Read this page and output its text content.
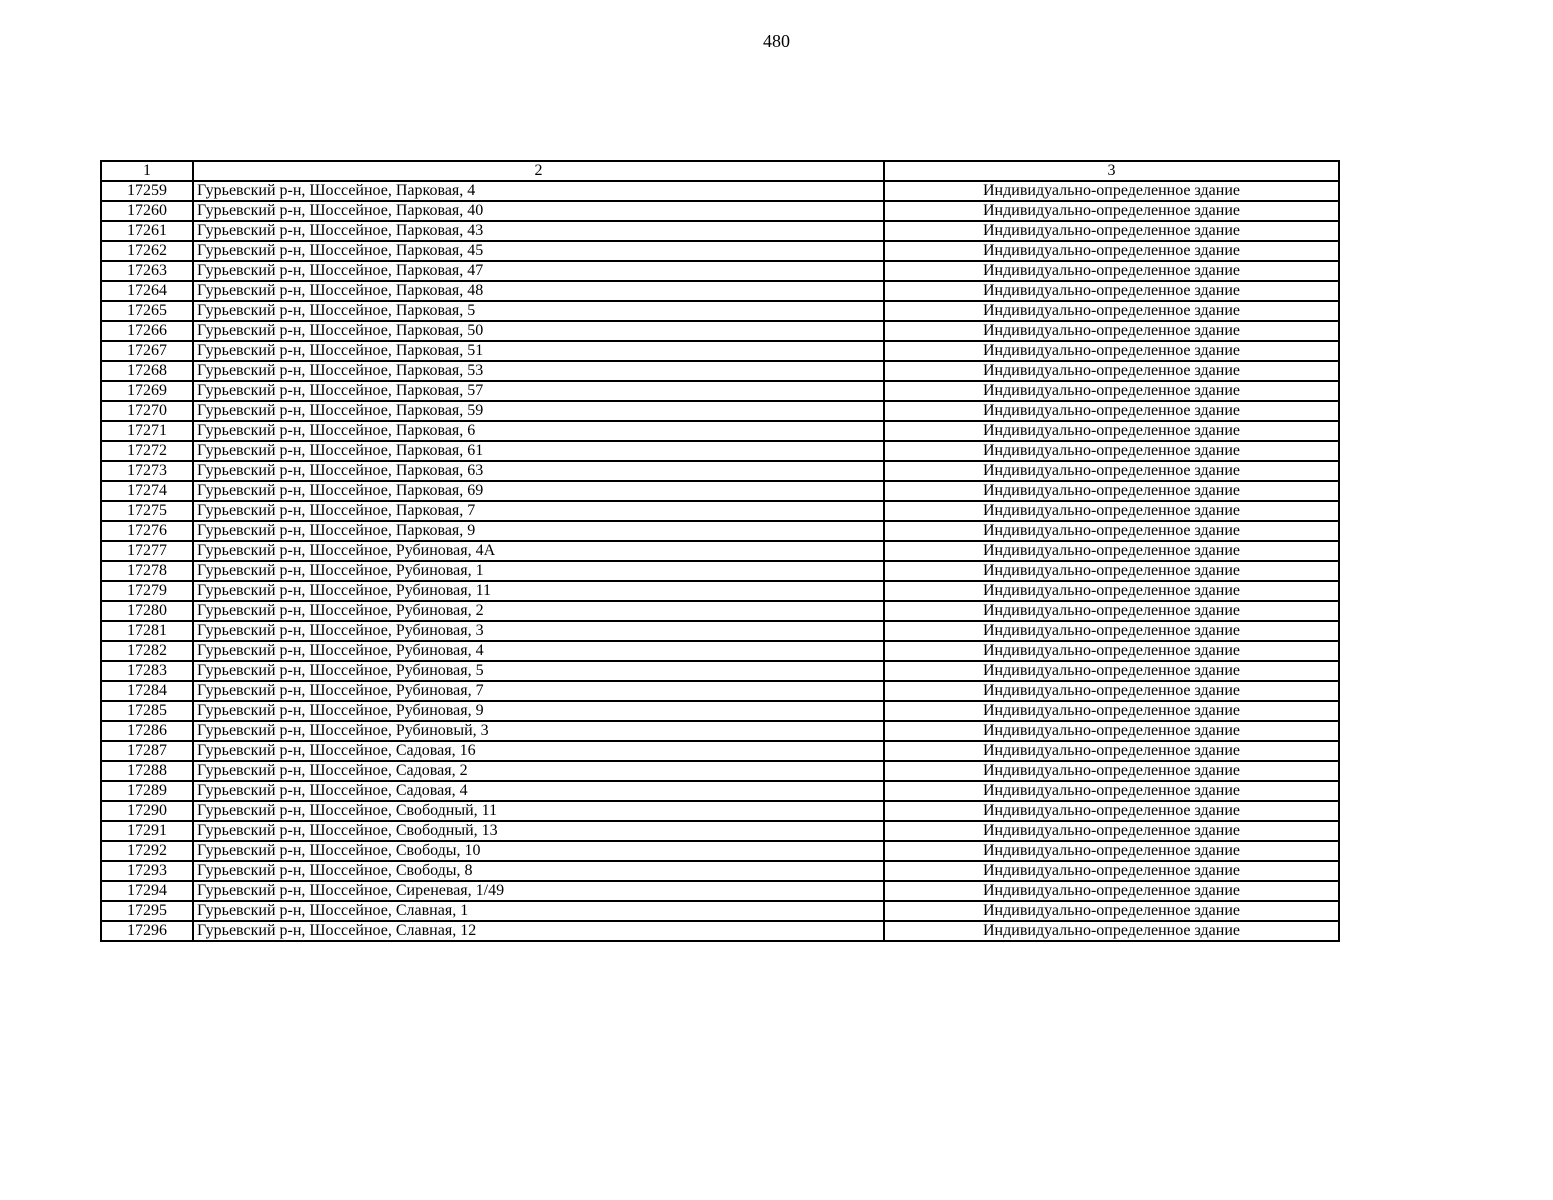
480
1	2	3
17259	Гурьевский р-н, Шоссейное, Парковая, 4	Индивидуально-определенное здание
17260	Гурьевский р-н, Шоссейное, Парковая, 40	Индивидуально-определенное здание
17261	Гурьевский р-н, Шоссейное, Парковая, 43	Индивидуально-определенное здание
17262	Гурьевский р-н, Шоссейное, Парковая, 45	Индивидуально-определенное здание
17263	Гурьевский р-н, Шоссейное, Парковая, 47	Индивидуально-определенное здание
17264	Гурьевский р-н, Шоссейное, Парковая, 48	Индивидуально-определенное здание
17265	Гурьевский р-н, Шоссейное, Парковая, 5	Индивидуально-определенное здание
17266	Гурьевский р-н, Шоссейное, Парковая, 50	Индивидуально-определенное здание
17267	Гурьевский р-н, Шоссейное, Парковая, 51	Индивидуально-определенное здание
17268	Гурьевский р-н, Шоссейное, Парковая, 53	Индивидуально-определенное здание
17269	Гурьевский р-н, Шоссейное, Парковая, 57	Индивидуально-определенное здание
17270	Гурьевский р-н, Шоссейное, Парковая, 59	Индивидуально-определенное здание
17271	Гурьевский р-н, Шоссейное, Парковая, 6	Индивидуально-определенное здание
17272	Гурьевский р-н, Шоссейное, Парковая, 61	Индивидуально-определенное здание
17273	Гурьевский р-н, Шоссейное, Парковая, 63	Индивидуально-определенное здание
17274	Гурьевский р-н, Шоссейное, Парковая, 69	Индивидуально-определенное здание
17275	Гурьевский р-н, Шоссейное, Парковая, 7	Индивидуально-определенное здание
17276	Гурьевский р-н, Шоссейное, Парковая, 9	Индивидуально-определенное здание
17277	Гурьевский р-н, Шоссейное, Рубиновая, 4А	Индивидуально-определенное здание
17278	Гурьевский р-н, Шоссейное, Рубиновая, 1	Индивидуально-определенное здание
17279	Гурьевский р-н, Шоссейное, Рубиновая, 11	Индивидуально-определенное здание
17280	Гурьевский р-н, Шоссейное, Рубиновая, 2	Индивидуально-определенное здание
17281	Гурьевский р-н, Шоссейное, Рубиновая, 3	Индивидуально-определенное здание
17282	Гурьевский р-н, Шоссейное, Рубиновая, 4	Индивидуально-определенное здание
17283	Гурьевский р-н, Шоссейное, Рубиновая, 5	Индивидуально-определенное здание
17284	Гурьевский р-н, Шоссейное, Рубиновая, 7	Индивидуально-определенное здание
17285	Гурьевский р-н, Шоссейное, Рубиновая, 9	Индивидуально-определенное здание
17286	Гурьевский р-н, Шоссейное, Рубиновый, 3	Индивидуально-определенное здание
17287	Гурьевский р-н, Шоссейное, Садовая, 16	Индивидуально-определенное здание
17288	Гурьевский р-н, Шоссейное, Садовая, 2	Индивидуально-определенное здание
17289	Гурьевский р-н, Шоссейное, Садовая, 4	Индивидуально-определенное здание
17290	Гурьевский р-н, Шоссейное, Свободный, 11	Индивидуально-определенное здание
17291	Гурьевский р-н, Шоссейное, Свободный, 13	Индивидуально-определенное здание
17292	Гурьевский р-н, Шоссейное, Свободы, 10	Индивидуально-определенное здание
17293	Гурьевский р-н, Шоссейное, Свободы, 8	Индивидуально-определенное здание
17294	Гурьевский р-н, Шоссейное, Сиреневая, 1/49	Индивидуально-определенное здание
17295	Гурьевский р-н, Шоссейное, Славная, 1	Индивидуально-определенное здание
17296	Гурьевский р-н, Шоссейное, Славная, 12	Индивидуально-определенное здание
